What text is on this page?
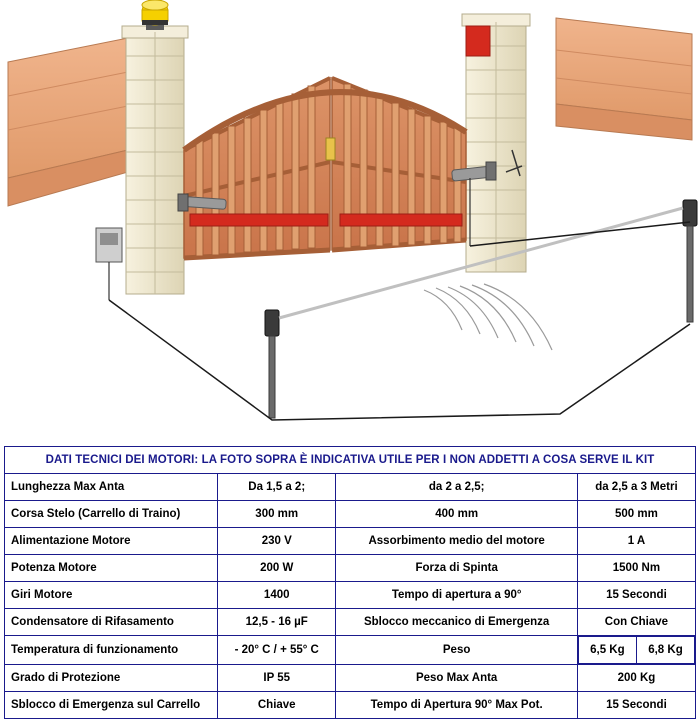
DATI TECNICI DEI MOTORI: LA FOTO SOPRA È INDICATIVA UTILE PER I NON ADDETTI A COSA SERVE IL KIT
Lunghezza Max Anta	Da 1,5 a 2;	da 2 a 2,5;	da 2,5 a 3 Metri
Corsa Stelo (Carrello di Traino)	300 mm	400 mm	500 mm
Alimentazione Motore	230 V	Assorbimento medio del motore	1 A
Potenza Motore	200 W	Forza di Spinta	1500 Nm
Giri Motore	1400	Tempo di apertura a 90°	15 Secondi
Condensatore di Rifasamento	12,5 - 16 µF	Sblocco meccanico di Emergenza	Con Chiave
Temperatura di funzionamento	- 20° C / + 55° C	Peso		6,5 Kg	6,8 Kg

Grado di Protezione	IP 55	Peso Max Anta	200 Kg
Sblocco di Emergenza sul Carrello	Chiave	Tempo di Apertura 90° Max Pot.	15 Secondi
